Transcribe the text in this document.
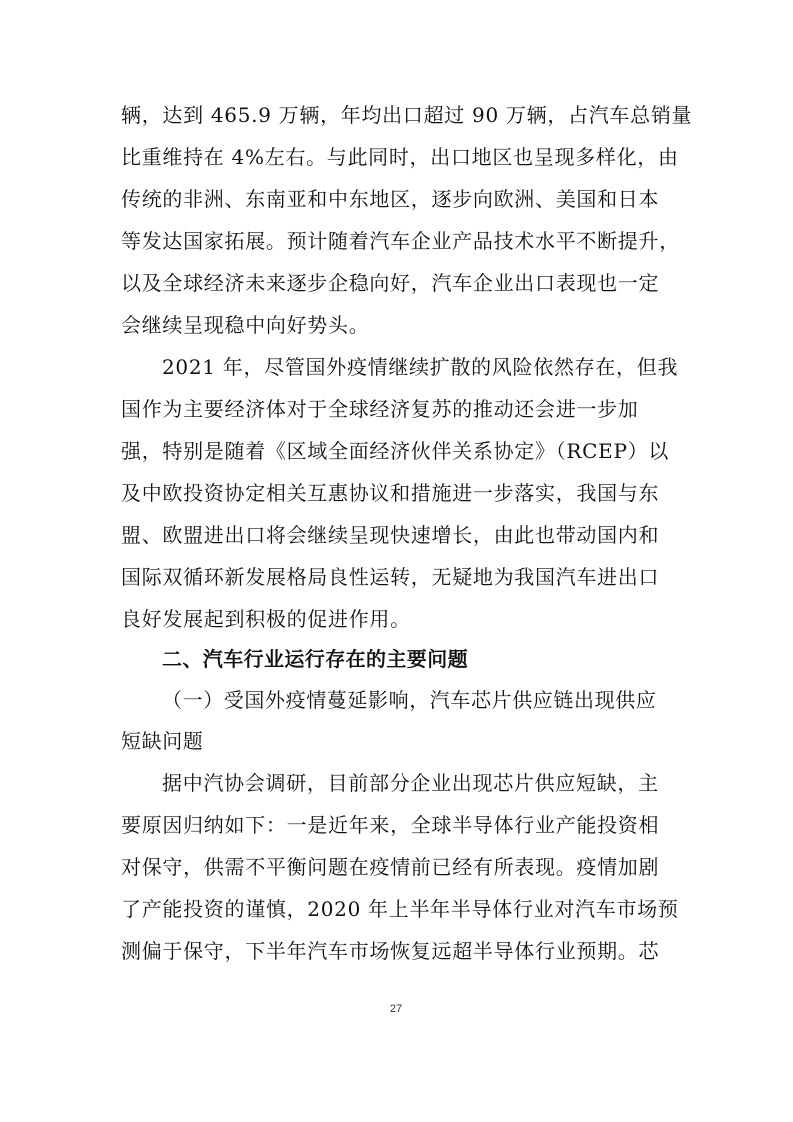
辆，达到 465.9 万辆，年均出口超过 90 万辆，占汽车总销量
比重维持在 4%左右。与此同时，出口地区也呈现多样化，由
传统的非洲、东南亚和中东地区，逐步向欧洲、美国和日本
等发达国家拓展。预计随着汽车企业产品技术水平不断提升，
以及全球经济未来逐步企稳向好，汽车企业出口表现也一定
会继续呈现稳中向好势头。
2021 年，尽管国外疫情继续扩散的风险依然存在，但我
国作为主要经济体对于全球经济复苏的推动还会进一步加
强，特别是随着《区域全面经济伙伴关系协定》（RCEP）以
及中欧投资协定相关互惠协议和措施进一步落实，我国与东
盟、欧盟进出口将会继续呈现快速增长，由此也带动国内和
国际双循环新发展格局良性运转，无疑地为我国汽车进出口
良好发展起到积极的促进作用。
二、汽车行业运行存在的主要问题
（一）受国外疫情蔓延影响，汽车芯片供应链出现供应
短缺问题
据中汽协会调研，目前部分企业出现芯片供应短缺，主
要原因归纳如下：一是近年来，全球半导体行业产能投资相
对保守，供需不平衡问题在疫情前已经有所表现。疫情加剧
了产能投资的谨慎，2020 年上半年半导体行业对汽车市场预
测偏于保守，下半年汽车市场恢复远超半导体行业预期。芯
27
